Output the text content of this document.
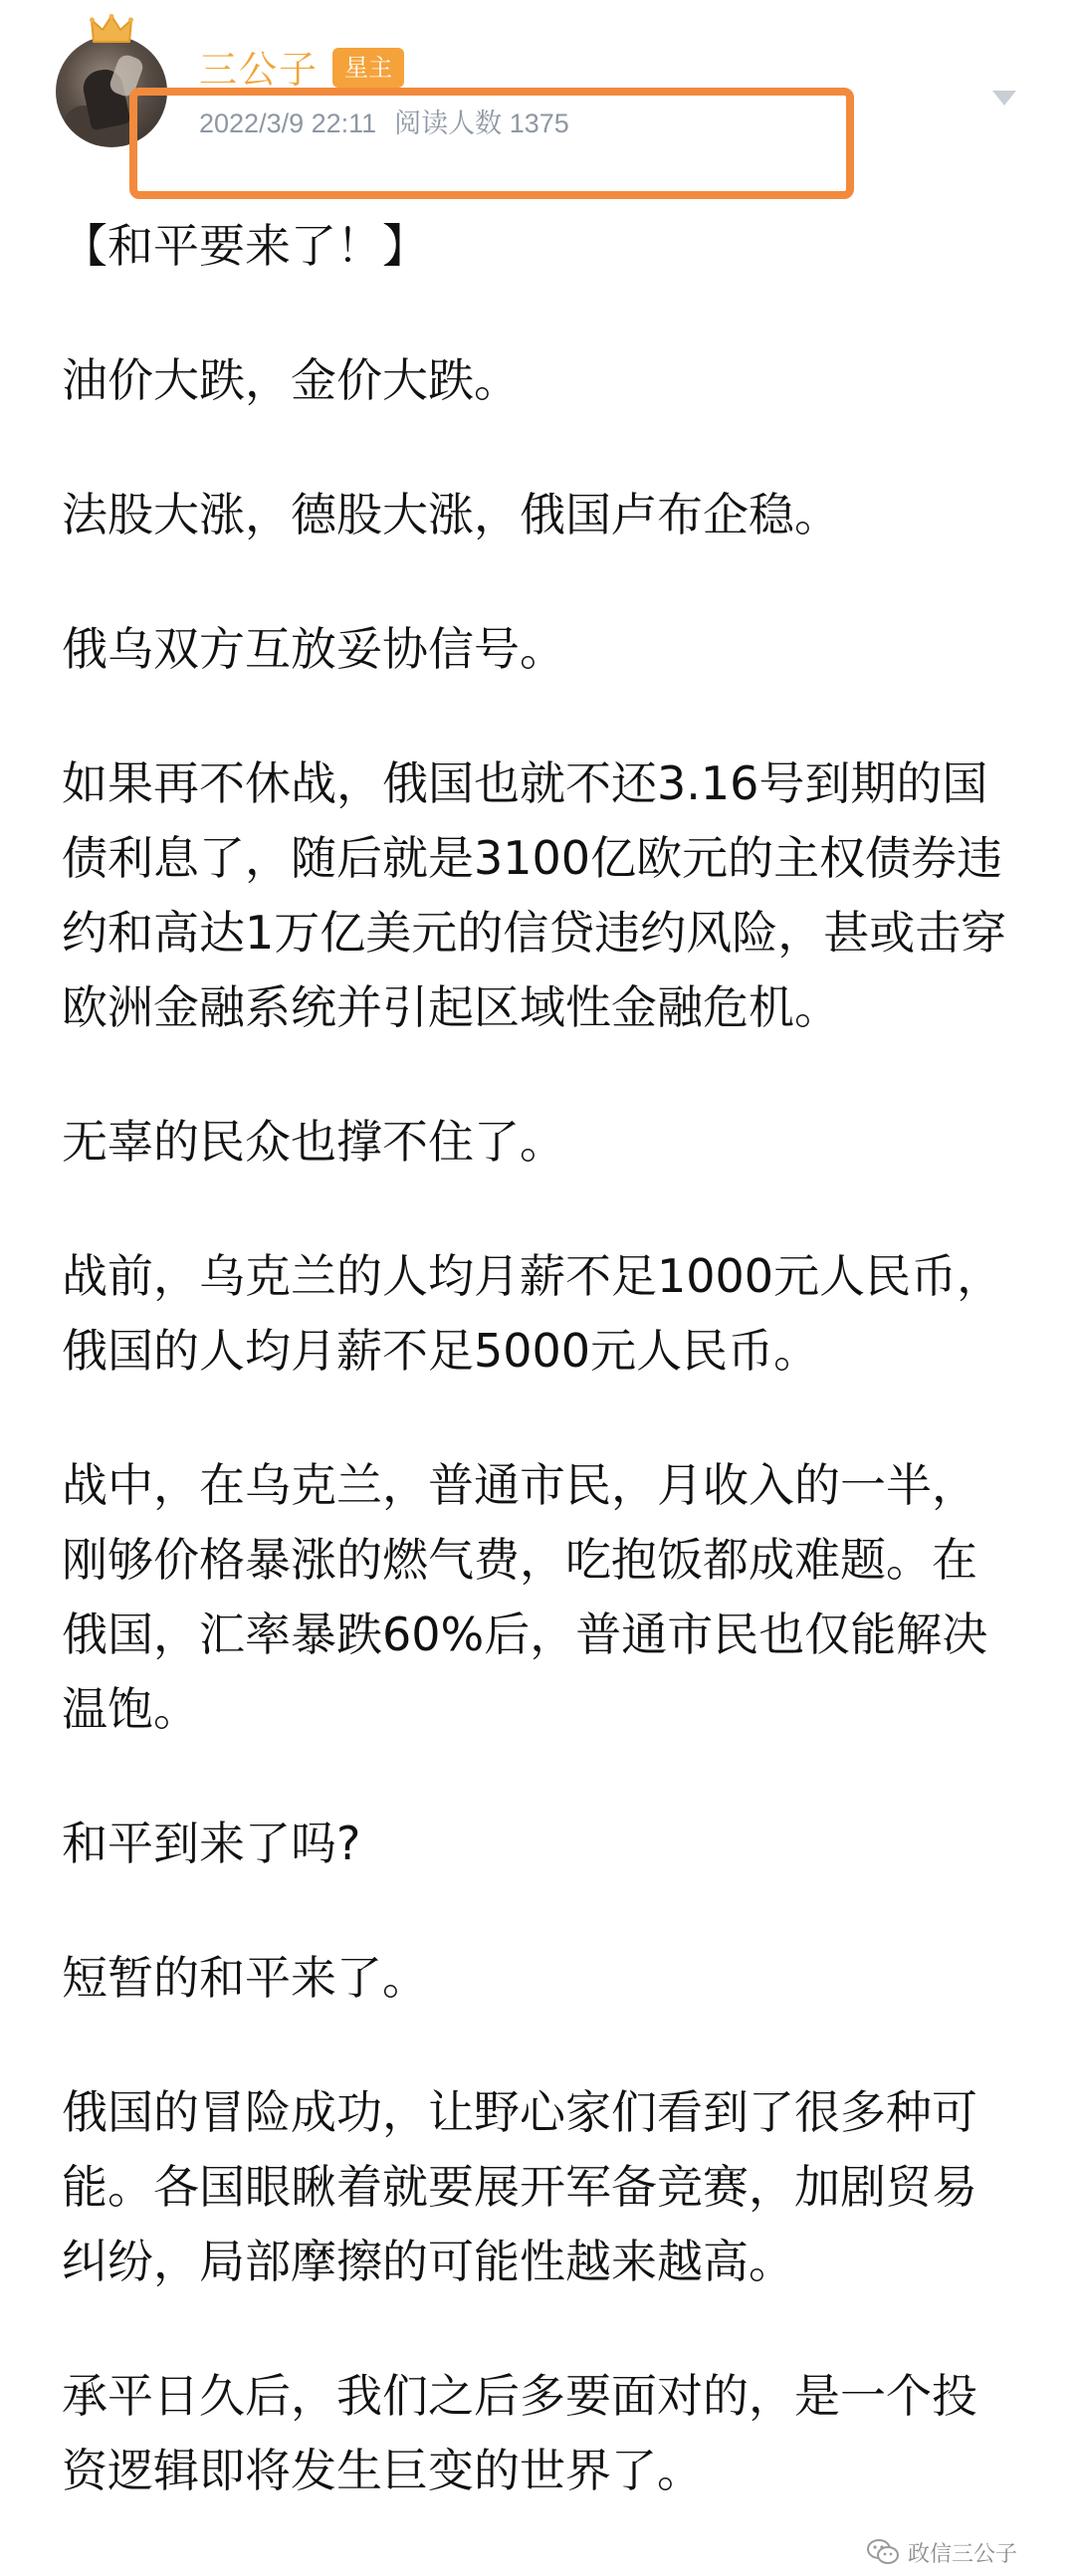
三公子	星主
2022/3/9 22:11 阅读人数 1375

【和平要来了！】

油价大跌，金价大跌。

法股大涨，德股大涨，俄国卢布企稳。

俄乌双方互放妥协信号。

如果再不休战，俄国也就不还3.16号到期的国债利息了，随后就是3100亿欧元的主权债券违约和高达1万亿美元的信贷违约风险，甚或击穿欧洲金融系统并引起区域性金融危机。

无辜的民众也撑不住了。

战前，乌克兰的人均月薪不足1000元人民币，俄国的人均月薪不足5000元人民币。

战中，在乌克兰，普通市民，月收入的一半，刚够价格暴涨的燃气费，吃抱饭都成难题。在俄国，汇率暴跌60%后，普通市民也仅能解决温饱。

和平到来了吗?

短暂的和平来了。

俄国的冒险成功，让野心家们看到了很多种可能。各国眼瞅着就要展开军备竞赛，加剧贸易纠纷，局部摩擦的可能性越来越高。

承平日久后，我们之后多要面对的，是一个投资逻辑即将发生巨变的世界了。

政信三公子
